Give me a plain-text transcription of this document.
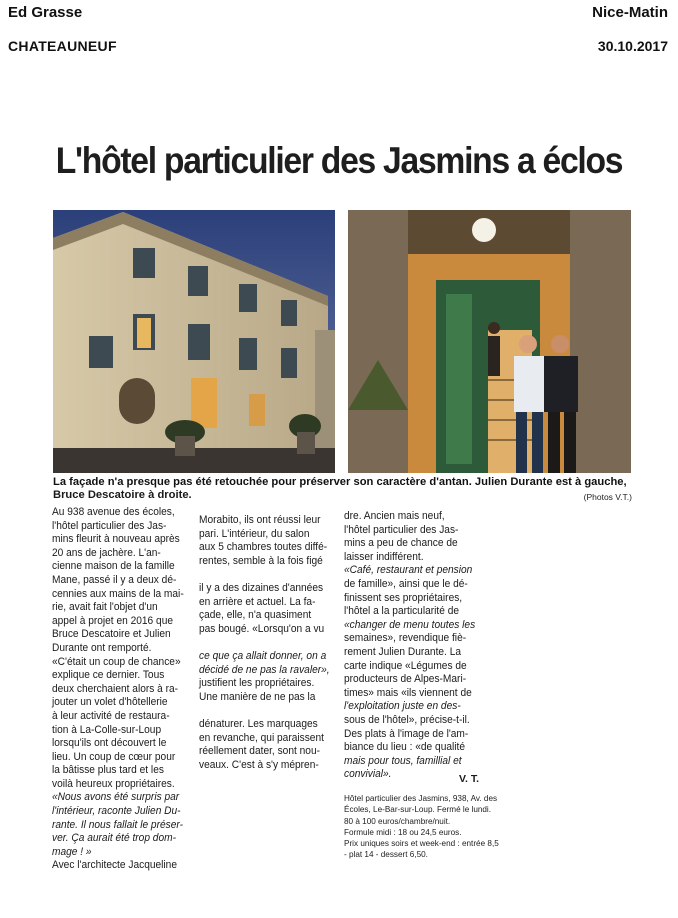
Ed Grasse	Nice-Matin
CHATEAUNEUF	30.10.2017
L'hôtel particulier des Jasmins a éclos
La façade n'a presque pas été retouchée pour préserver son caractère d'antan. Julien Durante est à gauche,
Bruce Descatoire à droite.	(Photos V.T.)
Au 938 avenue des écoles,
l'hôtel particulier des Jas-
mins fleurit à nouveau après
20 ans de jachère. L'an-
cienne maison de la famille
Mane, passé il y a deux dé-
cennies aux mains de la mai-
rie, avait fait l'objet d'un
appel à projet en 2016 que
Bruce Descatoire et Julien
Durante ont remporté.
«C'était un coup de chance»
explique ce dernier. Tous
deux cherchaient alors à ra-
jouter un volet d'hôtellerie
à leur activité de restaura-
tion à La-Colle-sur-Loup
lorsqu'ils ont découvert le
lieu. Un coup de cœur pour
la bâtisse plus tard et les
voilà heureux propriétaires.
«Nous avons été surpris par
l'intérieur, raconte Julien Du-
rante. Il nous fallait le préser-
ver. Ça aurait été trop dom-
mage ! »
Avec l'architecte Jacqueline
Morabito, ils ont réussi leur
pari. L'intérieur, du salon
aux 5 chambres toutes diffé-
rentes, semble à la fois figé
il y a des dizaines d'années
en arrière et actuel. La fa-
çade, elle, n'a quasiment
pas bougé. «Lorsqu'on a vu
ce que ça allait donner, on a
décidé de ne pas la ravaler»,
justifient les propriétaires.
Une manière de ne pas la
dénaturer. Les marquages
en revanche, qui paraissent
réellement dater, sont nou-
veaux. C'est à s'y mépren-
dre. Ancien mais neuf,
l'hôtel particulier des Jas-
mins a peu de chance de
laisser indifférent.
«Café, restaurant et pension
de famille», ainsi que le dé-
finissent ses propriétaires,
l'hôtel a la particularité de
«changer de menu toutes les
semaines», revendique fiè-
rement Julien Durante. La
carte indique «Légumes de
producteurs de Alpes-Mari-
times» mais «ils viennent de
l'exploitation juste en des-
sous de l'hôtel», précise-t-il.
Des plats à l'image de l'am-
biance du lieu : «de qualité
mais pour tous, famillial et
convivial».	V. T.
Hôtel particulier des Jasmins, 938, Av. des
Écoles, Le-Bar-sur-Loup. Fermé le lundi.
80 à 100 euros/chambre/nuit.
Formule midi : 18 ou 24,5 euros.
Prix uniques soirs et week-end : entrée 8,5
- plat 14 - dessert 6,50.
